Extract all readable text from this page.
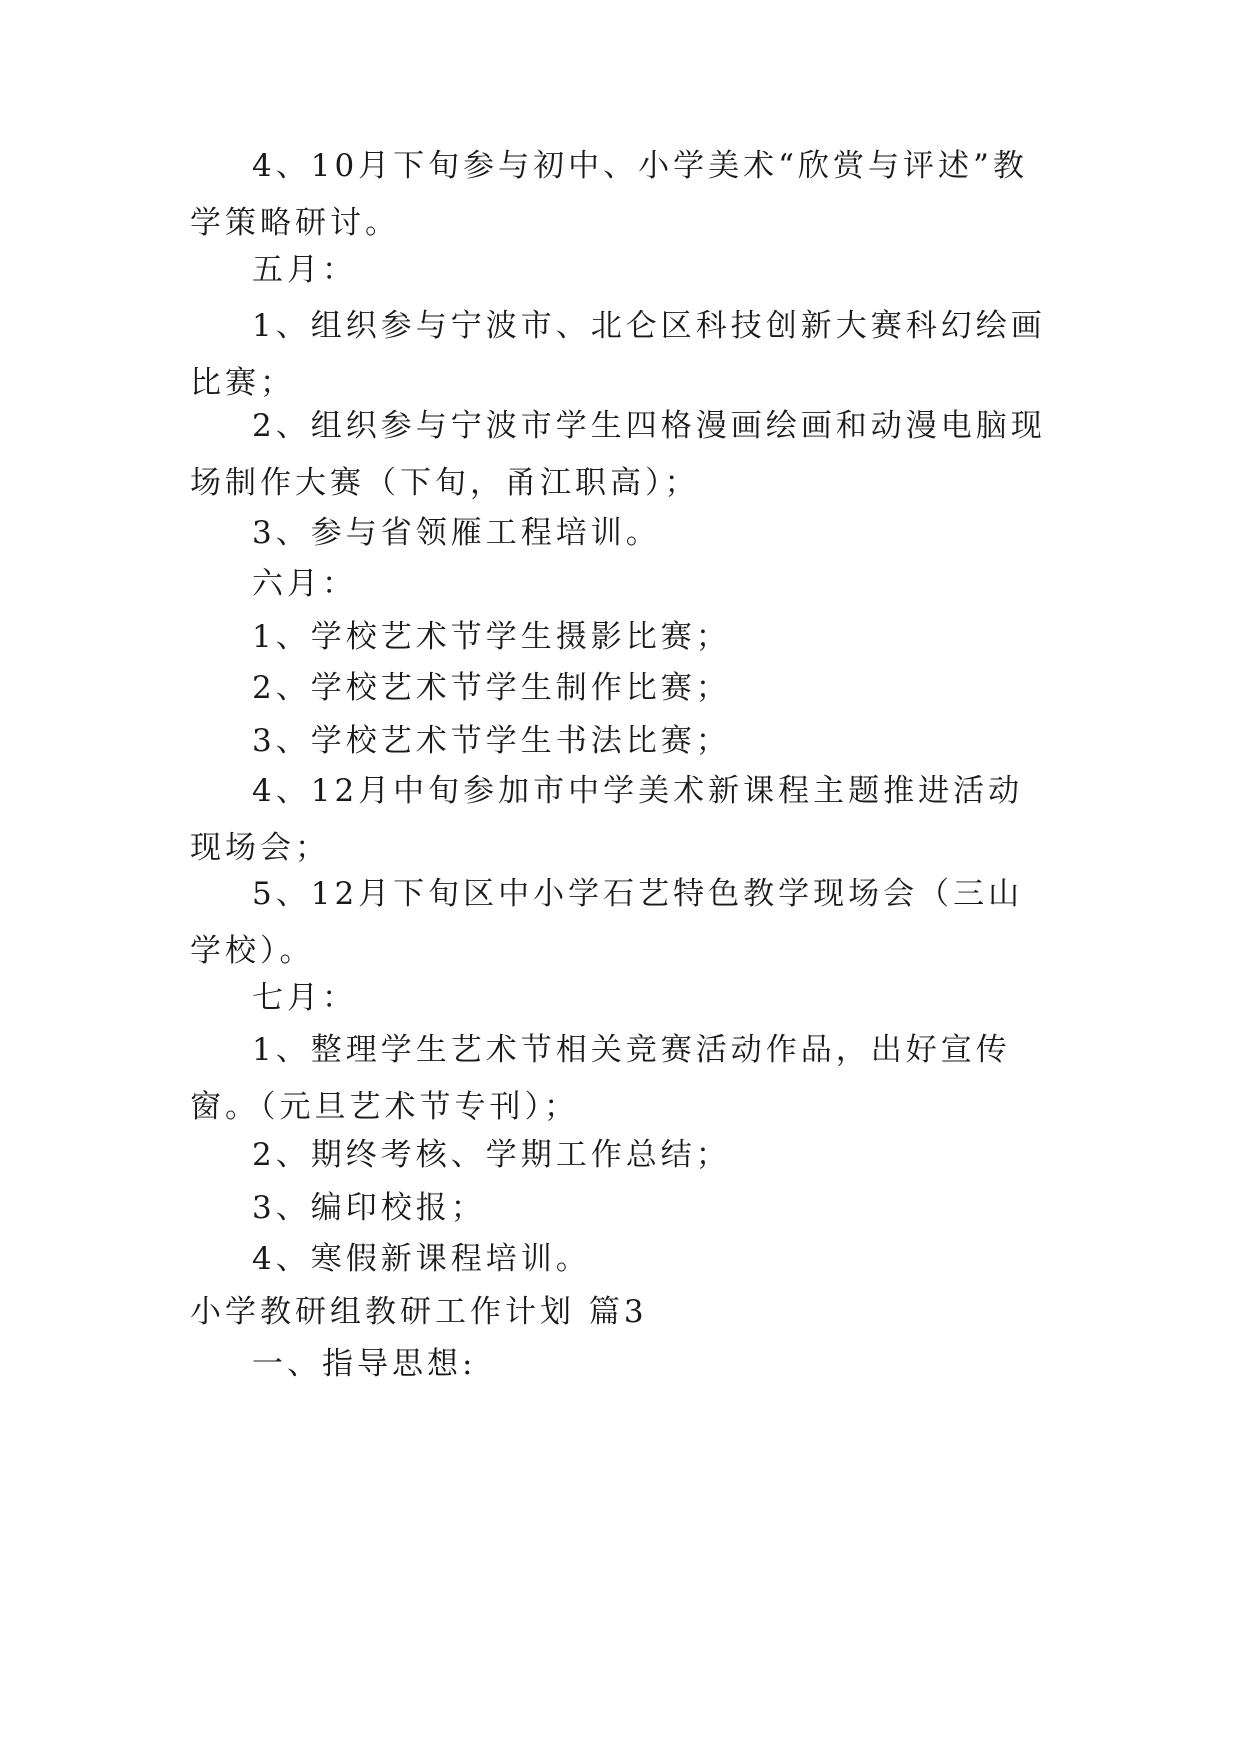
4、10月下旬参与初中、小学美术“欣赏与评述”教学策略研讨。

五月：

1、组织参与宁波市、北仑区科技创新大赛科幻绘画比赛；

2、组织参与宁波市学生四格漫画绘画和动漫电脑现场制作大赛（下旬，甬江职高）；

3、参与省领雁工程培训。

六月：

1、学校艺术节学生摄影比赛；

2、学校艺术节学生制作比赛；

3、学校艺术节学生书法比赛；

4、12月中旬参加市中学美术新课程主题推进活动现场会；

5、12月下旬区中小学石艺特色教学现场会（三山学校）。

七月：

1、整理学生艺术节相关竞赛活动作品，出好宣传窗。（元旦艺术节专刊）；

2、期终考核、学期工作总结；

3、编印校报；

4、寒假新课程培训。

小学教研组教研工作计划 篇3

一、指导思想:
